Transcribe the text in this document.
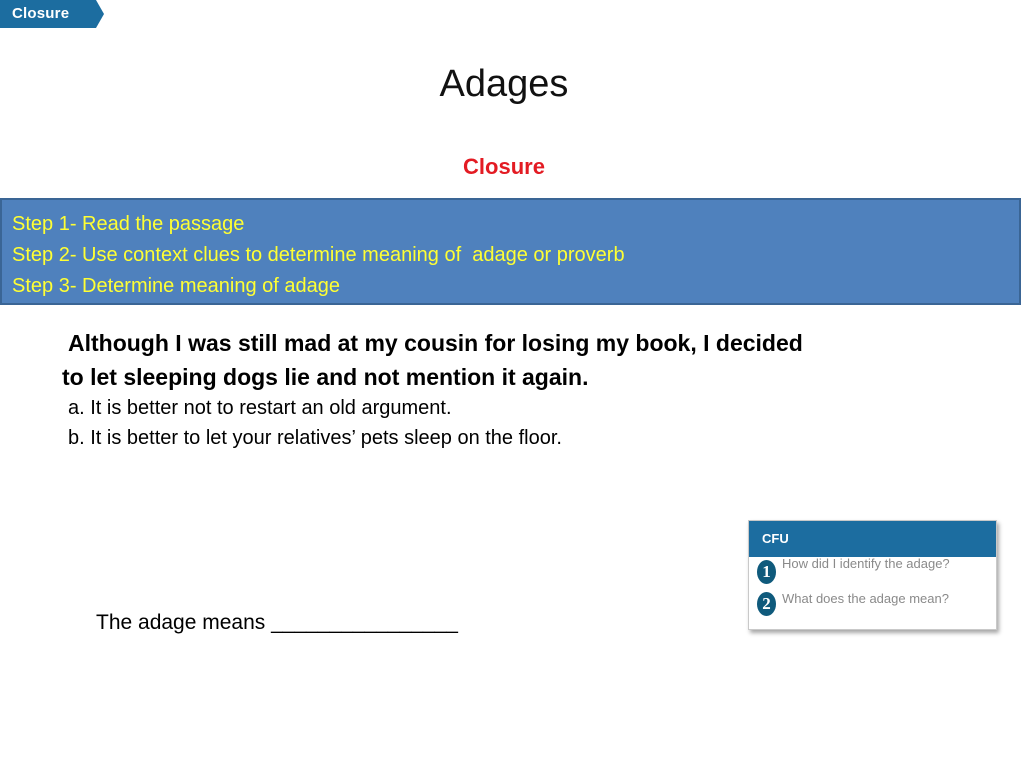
Closure
Adages
Closure
Step 1- Read the passage
Step 2- Use context clues to determine meaning of  adage or proverb
Step 3- Determine meaning of adage
Although I was still mad at my cousin for losing my book, I decided
to let sleeping dogs lie and not mention it again.
a. It is better not to restart an old argument.
b. It is better to let your relatives’ pets sleep on the floor.
CFU
1 How did I identify the adage?
2 What does the adage mean?
The adage means ________________
